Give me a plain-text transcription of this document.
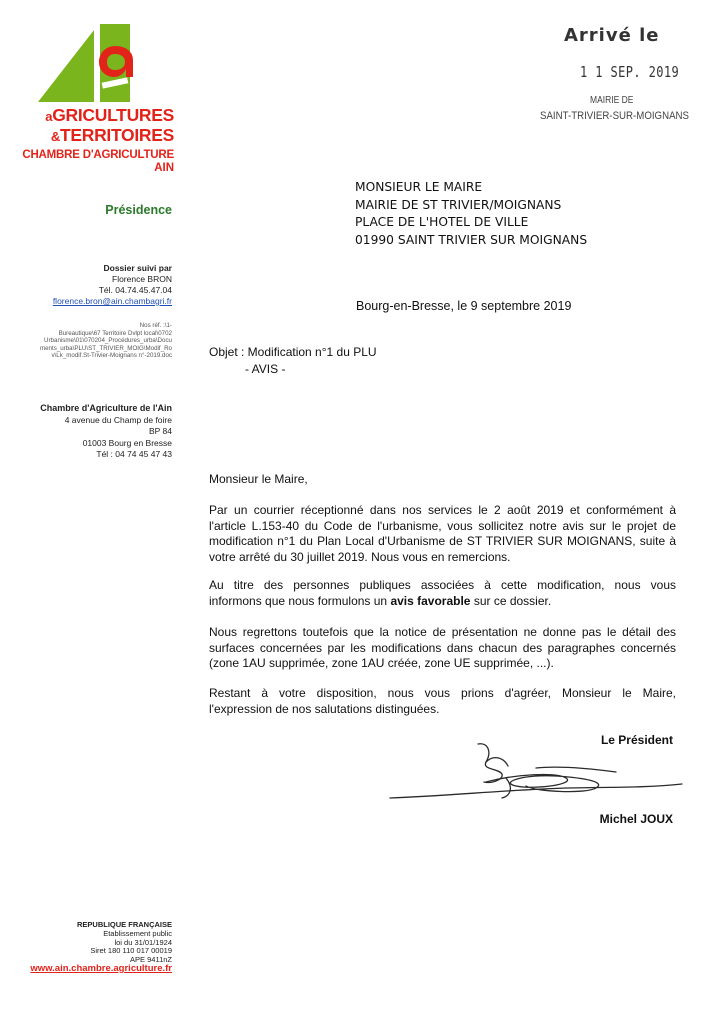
aGRICULTURES
&TERRITOIRES
CHAMBRE D'AGRICULTURE
AIN
Présidence
Dossier suivi par
Florence BRON
Tél. 04.74.45.47.04
florence.bron@ain.chambagri.fr
Nos réf. :\1-
Bureautique\67 Territoire Dvlpt local\0702
Urbanisme\01\070204_Procédures_urba\Docu
ments_urba\PLU\ST_TRIVIER_MOIG\Modif_Ro
v\Lk_modif.St-Trivier-Moignans n°-2019.doc
Chambre d'Agriculture de l'Ain
4 avenue du Champ de foire
BP 84
01003 Bourg en Bresse
Tél : 04 74 45 47 43
REPUBLIQUE FRANÇAISE
Etablissement public
loi du 31/01/1924
Siret 180 110 017 00019
APE 9411nZ
www.ain.chambre.agriculture.fr
Arrivé le
1 1 SEP. 2019
MAIRIE DE
SAINT-TRIVIER-SUR-MOIGNANS
MONSIEUR LE MAIRE
MAIRIE DE ST TRIVIER/MOIGNANS
PLACE DE L'HOTEL DE VILLE
01990 SAINT TRIVIER SUR MOIGNANS
Bourg-en-Bresse, le 9 septembre 2019
Objet : Modification n°1 du PLU
- AVIS -
Monsieur le Maire,
Par un courrier réceptionné dans nos services le 2 août 2019 et conformément à
l'article L.153-40 du Code de l'urbanisme, vous sollicitez notre avis sur le projet de
modification n°1 du Plan Local d'Urbanisme de ST TRIVIER SUR MOIGNANS, suite à
votre arrêté du 30 juillet 2019. Nous vous en remercions.
Au titre des personnes publiques associées à cette modification, nous vous
informons que nous formulons un avis favorable sur ce dossier.
Nous regrettons toutefois que la notice de présentation ne donne pas le détail des
surfaces concernées par les modifications dans chacun des paragraphes concernés
(zone 1AU supprimée, zone 1AU créée, zone UE supprimée, ...).
Restant à votre disposition, nous vous prions d'agréer, Monsieur le Maire,
l'expression de nos salutations distinguées.
Le Président
Michel JOUX
